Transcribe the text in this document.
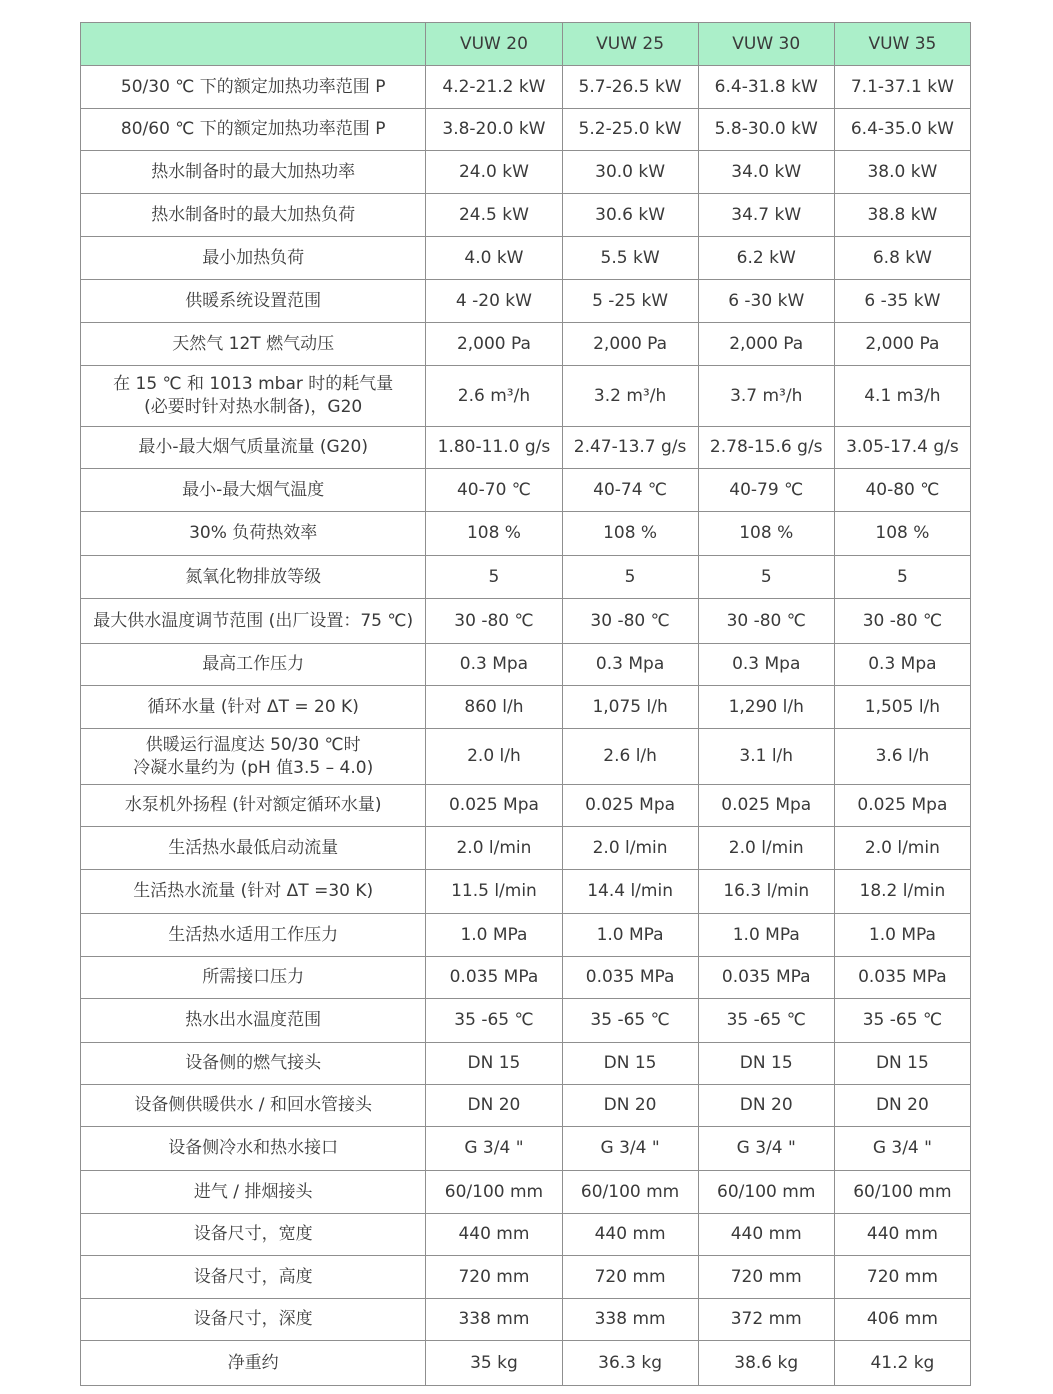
	VUW 20	VUW 25	VUW 30	VUW 35

50/30 ℃ 下的额定加热功率范围 P	4.2-21.2 kW	5.7-26.5 kW	6.4-31.8 kW	7.1-37.1 kW

80/60 ℃ 下的额定加热功率范围 P	3.8-20.0 kW	5.2-25.0 kW	5.8-30.0 kW	6.4-35.0 kW

热水制备时的最大加热功率	24.0 kW	30.0 kW	34.0 kW	38.0 kW

热水制备时的最大加热负荷	24.5 kW	30.6 kW	34.7 kW	38.8 kW

最小加热负荷	4.0 kW	5.5 kW	6.2 kW	6.8 kW

供暖系统设置范围	4 -20 kW	5 -25 kW	6 -30 kW	6 -35 kW

天然气 12T 燃气动压	2,000 Pa	2,000 Pa	2,000 Pa	2,000 Pa

在 15 ℃ 和 1013 mbar 时的耗气量
(必要时针对热水制备)，G20	2.6 m³/h	3.2 m³/h	3.7 m³/h	4.1 m3/h

最小-最大烟气质量流量 (G20)	1.80-11.0 g/s	2.47-13.7 g/s	2.78-15.6 g/s	3.05-17.4 g/s

最小-最大烟气温度	40-70 ℃	40-74 ℃	40-79 ℃	40-80 ℃

30% 负荷热效率	108 %	108 %	108 %	108 %

氮氧化物排放等级	5	5	5	5

最大供水温度调节范围 (出厂设置：75 ℃)	30 -80 ℃	30 -80 ℃	30 -80 ℃	30 -80 ℃

最高工作压力	0.3 Mpa	0.3 Mpa	0.3 Mpa	0.3 Mpa

循环水量 (针对 ΔT = 20 K)	860 l/h	1,075 l/h	1,290 l/h	1,505 l/h

供暖运行温度达 50/30 ℃时
冷凝水量约为 (pH 值3.5 – 4.0)	2.0 l/h	2.6 l/h	3.1 l/h	3.6 l/h

水泵机外扬程 (针对额定循环水量)	0.025 Mpa	0.025 Mpa	0.025 Mpa	0.025 Mpa

生活热水最低启动流量	2.0 l/min	2.0 l/min	2.0 l/min	2.0 l/min

生活热水流量 (针对 ΔT =30 K)	11.5 l/min	14.4 l/min	16.3 l/min	18.2 l/min

生活热水适用工作压力	1.0 MPa	1.0 MPa	1.0 MPa	1.0 MPa

所需接口压力	0.035 MPa	0.035 MPa	0.035 MPa	0.035 MPa

热水出水温度范围	35 -65 ℃	35 -65 ℃	35 -65 ℃	35 -65 ℃

设备侧的燃气接头	DN 15	DN 15	DN 15	DN 15

设备侧供暖供水 / 和回水管接头	DN 20	DN 20	DN 20	DN 20

设备侧冷水和热水接口	G 3/4 "	G 3/4 "	G 3/4 "	G 3/4 "

进气 / 排烟接头	60/100 mm	60/100 mm	60/100 mm	60/100 mm

设备尺寸，宽度	440 mm	440 mm	440 mm	440 mm

设备尺寸，高度	720 mm	720 mm	720 mm	720 mm

设备尺寸，深度	338 mm	338 mm	372 mm	406 mm

净重约	35 kg	36.3 kg	38.6 kg	41.2 kg
